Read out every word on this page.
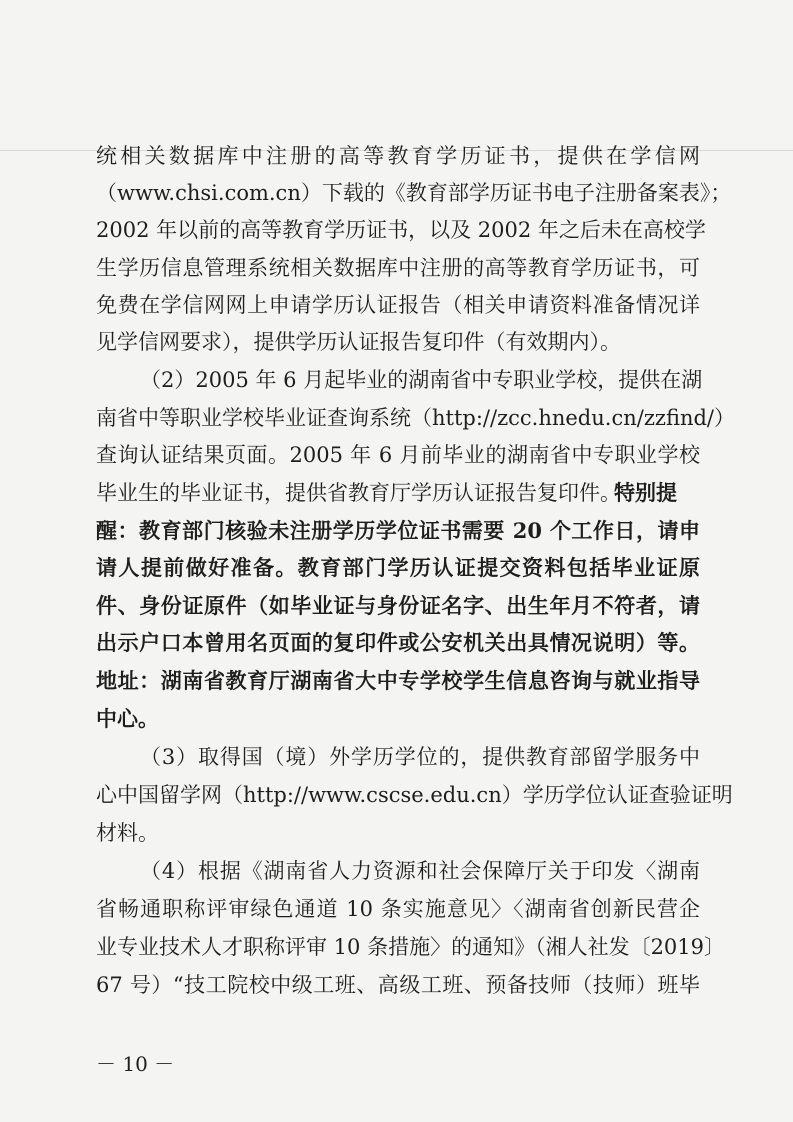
统相关数据库中注册的高等教育学历证书，提供在学信网
（www.chsi.com.cn）下载的《教育部学历证书电子注册备案表》；
2002 年以前的高等教育学历证书，以及 2002 年之后未在高校学
生学历信息管理系统相关数据库中注册的高等教育学历证书，可
免费在学信网网上申请学历认证报告（相关申请资料准备情况详
见学信网要求），提供学历认证报告复印件（有效期内）。
（2）2005 年 6 月起毕业的湖南省中专职业学校，提供在湖
南省中等职业学校毕业证查询系统（http://zcc.hnedu.cn/zzfind/）
查询认证结果页面。2005 年 6 月前毕业的湖南省中专职业学校
毕业生的毕业证书，提供省教育厅学历认证报告复印件。
特别提
醒：教育部门核验未注册学历学位证书需要 20 个工作日，请申
请人提前做好准备。教育部门学历认证提交资料包括毕业证原
件、身份证原件（如毕业证与身份证名字、出生年月不符者，请
出示户口本曾用名页面的复印件或公安机关出具情况说明）等。
地址：湖南省教育厅湖南省大中专学校学生信息咨询与就业指导
中心。
（3）取得国（境）外学历学位的，提供教育部留学服务中
心中国留学网（http://www.cscse.edu.cn）学历学位认证查验证明
材料。
（4）根据《湖南省人力资源和社会保障厅关于印发〈湖南
省畅通职称评审绿色通道 10 条实施意见〉〈湖南省创新民营企
业专业技术人才职称评审 10 条措施〉的通知》（湘人社发〔2019〕
67 号）“技工院校中级工班、高级工班、预备技师（技师）班毕
－ 10 －
